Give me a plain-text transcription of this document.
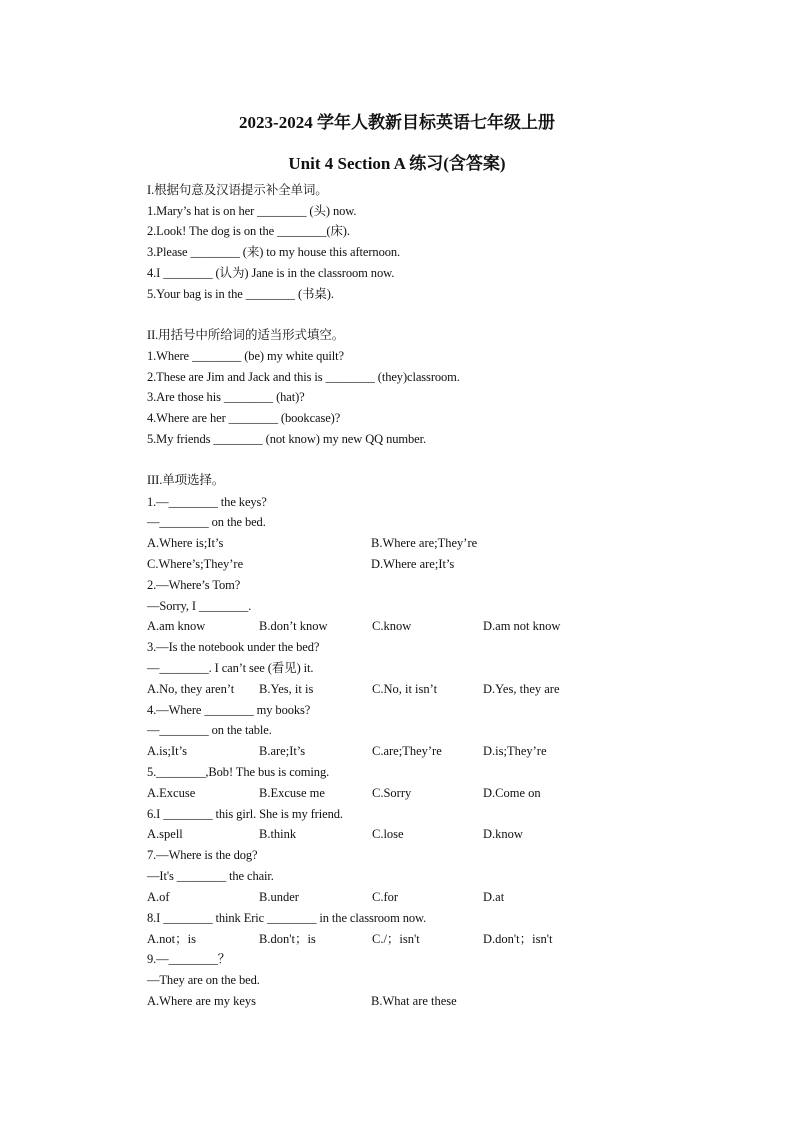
2023-2024 学年人教新目标英语七年级上册
Unit 4 Section A 练习(含答案)
I.根据句意及汉语提示补全单词。
1.Mary’s hat is on her ________ (头) now.
2.Look! The dog is on the ________(床).
3.Please ________ (来) to my house this afternoon.
4.I ________ (认为) Jane is in the classroom now.
5.Your bag is in the ________ (书桌).
II.用括号中所给词的适当形式填空。
1.Where ________ (be) my white quilt?
2.These are Jim and Jack and this is ________ (they)classroom.
3.Are those his ________ (hat)?
4.Where are her ________ (bookcase)?
5.My friends ________ (not know) my new QQ number.
III.单项选择。
1.—________ the keys?
—________ on the bed.
A.Where is;It’s	B.Where are;They’re
C.Where’s;They’re	D.Where are;It’s
2.—Where’s Tom?
—Sorry, I ________.
A.am know	B.don’t know	C.know	D.am not know
3.—Is the notebook under the bed?
—________. I can’t see (看见) it.
A.No, they aren’t B.Yes, it is	C.No, it isn’t	D.Yes, they are
4.—Where ________ my books?
—________ on the table.
A.is;It’s	B.are;It’s	C.are;They’re	D.is;They’re
5.________,Bob! The bus is coming.
A.Excuse	B.Excuse me	C.Sorry	D.Come on
6.I ________ this girl. She is my friend.
A.spell	B.think	C.lose	D.know
7.—Where is the dog?
—It's ________ the chair.
A.of	B.under	C.for	D.at
8.I ________ think Eric ________ in the classroom now.
A.not；is	B.don't；is	C./；isn't	D.don't；isn't
9.—________？
—They are on the bed.
A.Where are my keys	B.What are these
